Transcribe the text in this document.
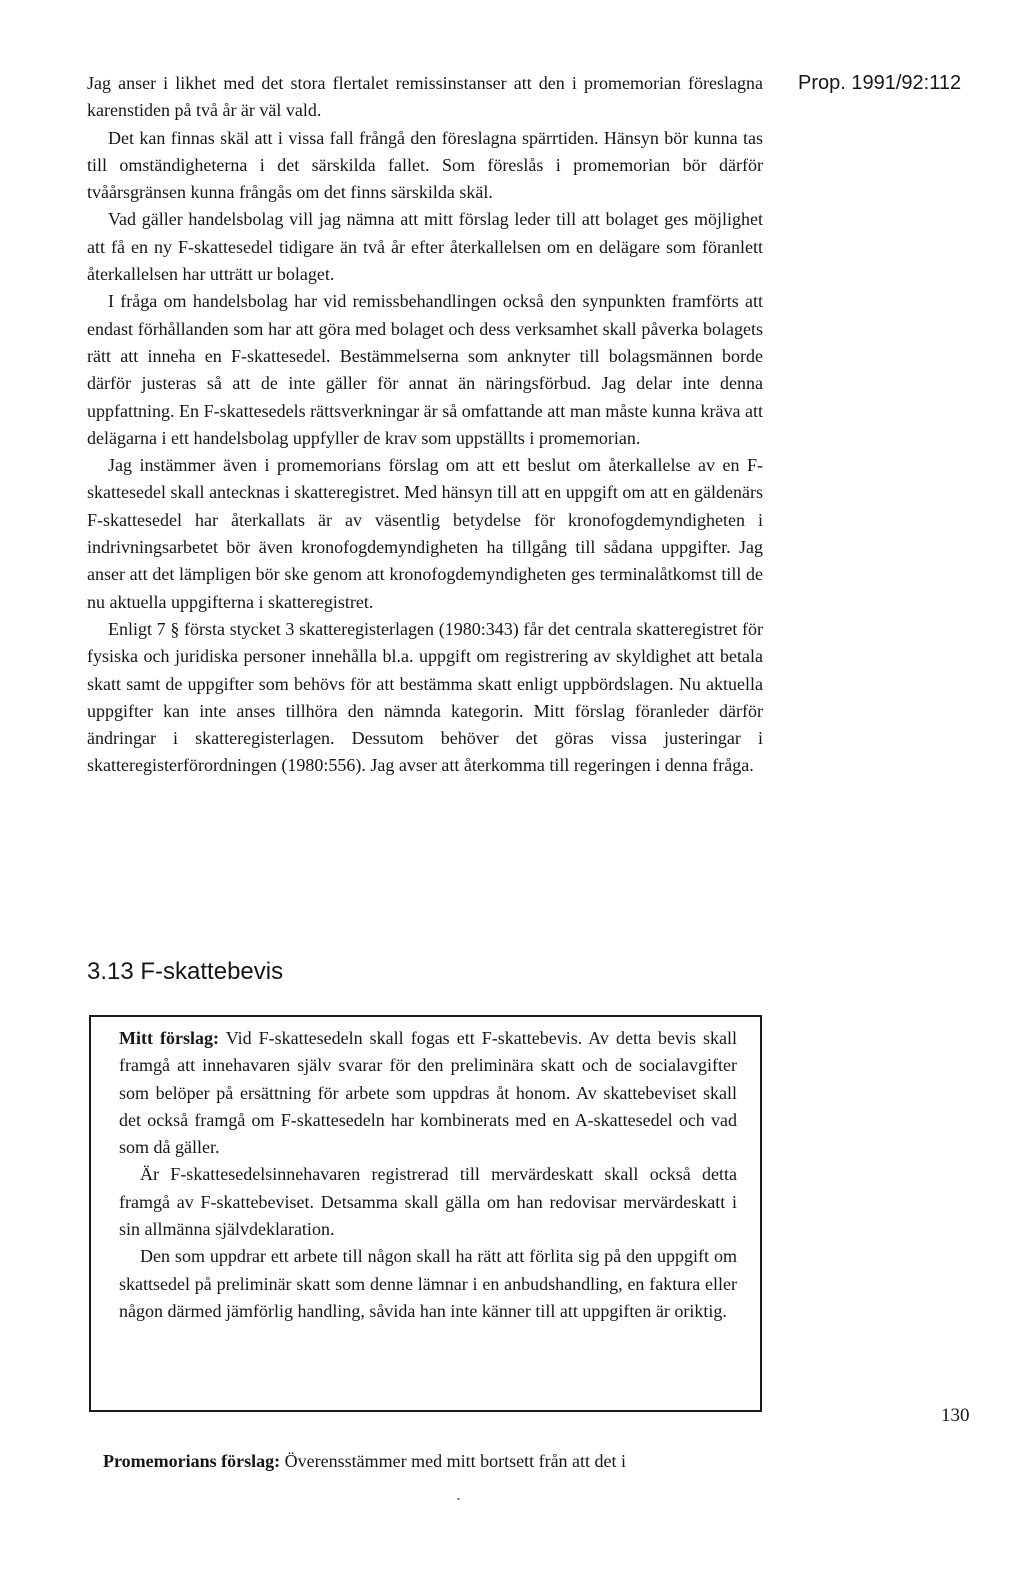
Jag anser i likhet med det stora flertalet remissinstanser att den i promemorian föreslagna karenstiden på två år är väl vald.

Det kan finnas skäl att i vissa fall frångå den föreslagna spärrtiden. Hänsyn bör kunna tas till omständigheterna i det särskilda fallet. Som föreslås i promemorian bör därför tvåårsgränsen kunna frångås om det finns särskilda skäl.

Vad gäller handelsbolag vill jag nämna att mitt förslag leder till att bolaget ges möjlighet att få en ny F-skattesedel tidigare än två år efter återkallelsen om en delägare som föranlett återkallelsen har utträtt ur bolaget.

I fråga om handelsbolag har vid remissbehandlingen också den synpunkten framförts att endast förhållanden som har att göra med bolaget och dess verksamhet skall påverka bolagets rätt att inneha en F-skattesedel. Bestämmelserna som anknyter till bolagsmännen borde därför justeras så att de inte gäller för annat än näringsförbud. Jag delar inte denna uppfattning. En F-skattesedels rättsverkningar är så omfattande att man måste kunna kräva att delägarna i ett handelsbolag uppfyller de krav som uppställts i promemorian.

Jag instämmer även i promemorians förslag om att ett beslut om återkallelse av en F-skattesedel skall antecknas i skatteregistret. Med hänsyn till att en uppgift om att en gäldenärs F-skattesedel har återkallats är av väsentlig betydelse för kronofogdemyndigheten i indrivningsarbetet bör även kronofogdemyndigheten ha tillgång till sådana uppgifter. Jag anser att det lämpligen bör ske genom att kronofogdemyndigheten ges terminalåtkomst till de nu aktuella uppgifterna i skatteregistret.

Enligt 7 § första stycket 3 skatteregisterlagen (1980:343) får det centrala skatteregistret för fysiska och juridiska personer innehålla bl.a. uppgift om registrering av skyldighet att betala skatt samt de uppgifter som behövs för att bestämma skatt enligt uppbördslagen. Nu aktuella uppgifter kan inte anses tillhöra den nämnda kategorin. Mitt förslag föranleder därför ändringar i skatteregisterlagen. Dessutom behöver det göras vissa justeringar i skatteregisterförordningen (1980:556). Jag avser att återkomma till regeringen i denna fråga.

Prop. 1991/92:112
3.13 F-skattebevis

Mitt förslag: Vid F-skattesedeln skall fogas ett F-skattebevis. Av detta bevis skall framgå att innehavaren själv svarar för den preliminära skatt och de socialavgifter som belöper på ersättning för arbete som uppdras åt honom. Av skattebeviset skall det också framgå om F-skattesedeln har kombinerats med en A-skattesedel och vad som då gäller.

Är F-skattesedelsinnehavaren registrerad till mervärdeskatt skall också detta framgå av F-skattebeviset. Detsamma skall gälla om han redovisar mervärdeskatt i sin allmänna självdeklaration.

Den som uppdrar ett arbete till någon skall ha rätt att förlita sig på den uppgift om skattsedel på preliminär skatt som denne lämnar i en anbudshandling, en faktura eller någon därmed jämförlig handling, såvida han inte känner till att uppgiften är oriktig.

130

Promemorians förslag: Överensstämmer med mitt bortsett från att det i
